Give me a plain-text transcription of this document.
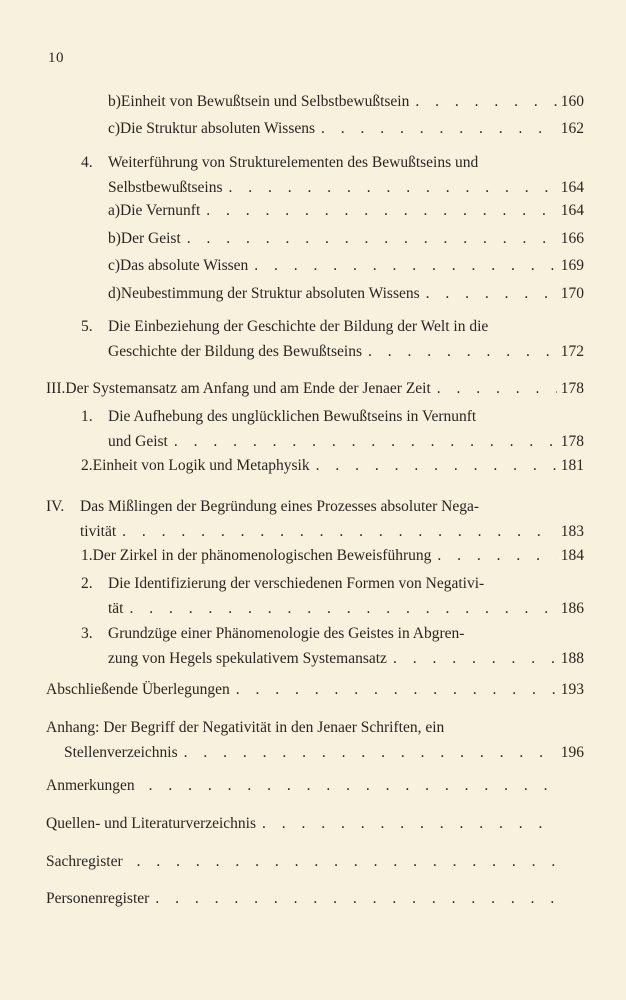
10
b) Einheit von Bewußtsein und Selbstbewußtsein . . .	160
c) Die Struktur absoluten Wissens . . .	162
4. Weiterführung von Strukturelementen des Bewußtseins und
Selbstbewußtseins . . .	164
a) Die Vernunft . . .	164
b) Der Geist . . .	166
c) Das absolute Wissen . . .	169
d) Neubestimmung der Struktur absoluten Wissens . . .	170
5. Die Einbeziehung der Geschichte der Bildung der Welt in die
Geschichte der Bildung des Bewußtseins . . .	172
III. Der Systemansatz am Anfang und am Ende der Jenaer Zeit . . .	178
1. Die Aufhebung des unglücklichen Bewußtseins in Vernunft
und Geist . . .	178
2. Einheit von Logik und Metaphysik . . .	181
IV.	Das Mißlingen der Begründung eines Prozesses absoluter Nega-
tivität . . .	183
1. Der Zirkel in der phänomenologischen Beweisführung . . .	184
2. Die Identifizierung der verschiedenen Formen von Negativi-
tät . . .	186
3. Grundzüge einer Phänomenologie des Geistes in Abgren-
zung von Hegels spekulativem Systemansatz . . .	188
Abschließende Überlegungen . . .	193
Anhang: Der Begriff der Negativität in den Jenaer Schriften, ein
Stellenverzeichnis . . .	196
Anmerkungen
. . .
Quellen- und Literaturverzeichnis
. . .
Sachregister
. . .
Personenregister
. . .
